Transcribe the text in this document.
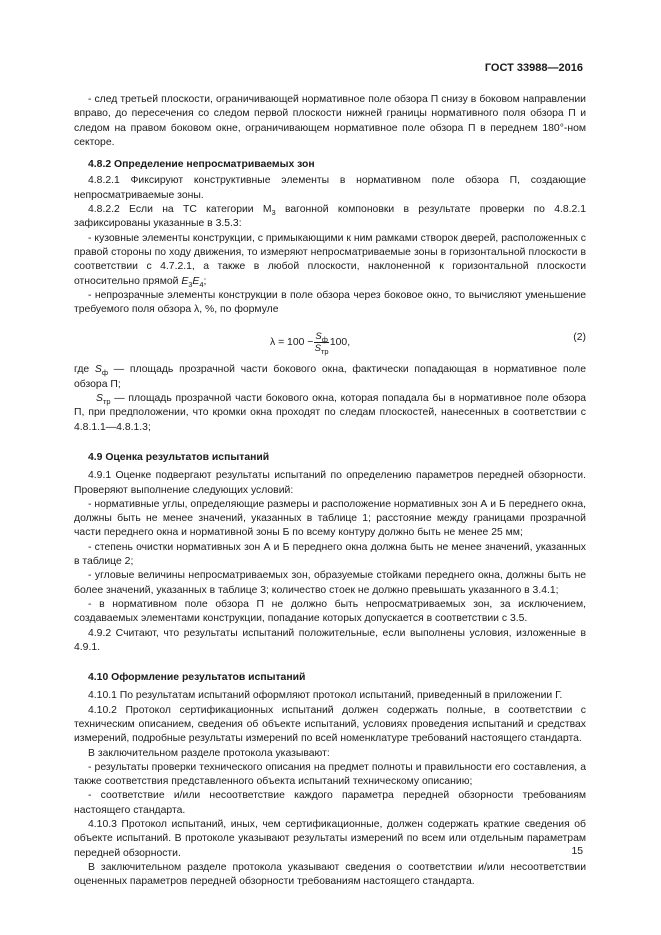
ГОСТ 33988—2016

- след третьей плоскости, ограничивающей нормативное поле обзора П снизу в боковом направлении вправо, до пересечения со следом первой плоскости нижней границы нормативного поля обзора П и следом на правом боковом окне, ограничивающем нормативное поле обзора П в переднем 180°-ном секторе.

4.8.2 Определение непросматриваемых зон

4.8.2.1 Фиксируют конструктивные элементы в нормативном поле обзора П, создающие непросматриваемые зоны.

4.8.2.2 Если на ТС категории $М_3$ вагонной компоновки в результате проверки по 4.8.2.1 зафиксированы указанные в 3.5.3:

- кузовные элементы конструкции, с примыкающими к ним рамками створок дверей, расположенных с правой стороны по ходу движения, то измеряют непросматриваемые зоны в горизонтальной плоскости в соответствии с 4.7.2.1, а также в любой плоскости, наклоненной к горизонтальной плоскости относительно прямой $E_3E_4$;

- непрозрачные элементы конструкции в поле обзора через боковое окно, то вычисляют уменьшение требуемого поля обзора λ, %, по формуле

$\lambda = 100 - \frac{S_ф}{S_{тр}} 100$,	(2)

где $S_ф$ — площадь прозрачной части бокового окна, фактически попадающая в нормативное поле обзора П;

$S_{тр}$ — площадь прозрачной части бокового окна, которая попадала бы в нормативное поле обзора П, при предположении, что кромки окна проходят по следам плоскостей, нанесенных в соответствии с 4.8.1.1—4.8.1.3;

4.9 Оценка результатов испытаний

4.9.1 Оценке подвергают результаты испытаний по определению параметров передней обзорности. Проверяют выполнение следующих условий:

- нормативные углы, определяющие размеры и расположение нормативных зон А и Б переднего окна, должны быть не менее значений, указанных в таблице 1; расстояние между границами прозрачной части переднего окна и нормативной зоны Б по всему контуру должно быть не менее 25 мм;

- степень очистки нормативных зон А и Б переднего окна должна быть не менее значений, указанных в таблице 2;

- угловые величины непросматриваемых зон, образуемые стойками переднего окна, должны быть не более значений, указанных в таблице 3; количество стоек не должно превышать указанного в 3.4.1;

- в нормативном поле обзора П не должно быть непросматриваемых зон, за исключением, создаваемых элементами конструкции, попадание которых допускается в соответствии с 3.5.

4.9.2 Считают, что результаты испытаний положительные, если выполнены условия, изложенные в 4.9.1.

4.10 Оформление результатов испытаний

4.10.1 По результатам испытаний оформляют протокол испытаний, приведенный в приложении Г.

4.10.2 Протокол сертификационных испытаний должен содержать полные, в соответствии с техническим описанием, сведения об объекте испытаний, условиях проведения испытаний и средствах измерений, подробные результаты измерений по всей номенклатуре требований настоящего стандарта.

В заключительном разделе протокола указывают:

- результаты проверки технического описания на предмет полноты и правильности его составления, а также соответствия представленного объекта испытаний техническому описанию;

- соответствие и/или несоответствие каждого параметра передней обзорности требованиям настоящего стандарта.

4.10.3 Протокол испытаний, иных, чем сертификационные, должен содержать краткие сведения об объекте испытаний. В протоколе указывают результаты измерений по всем или отдельным параметрам передней обзорности.

В заключительном разделе протокола указывают сведения о соответствии и/или несоответствии оцененных параметров передней обзорности требованиям настоящего стандарта.

15
